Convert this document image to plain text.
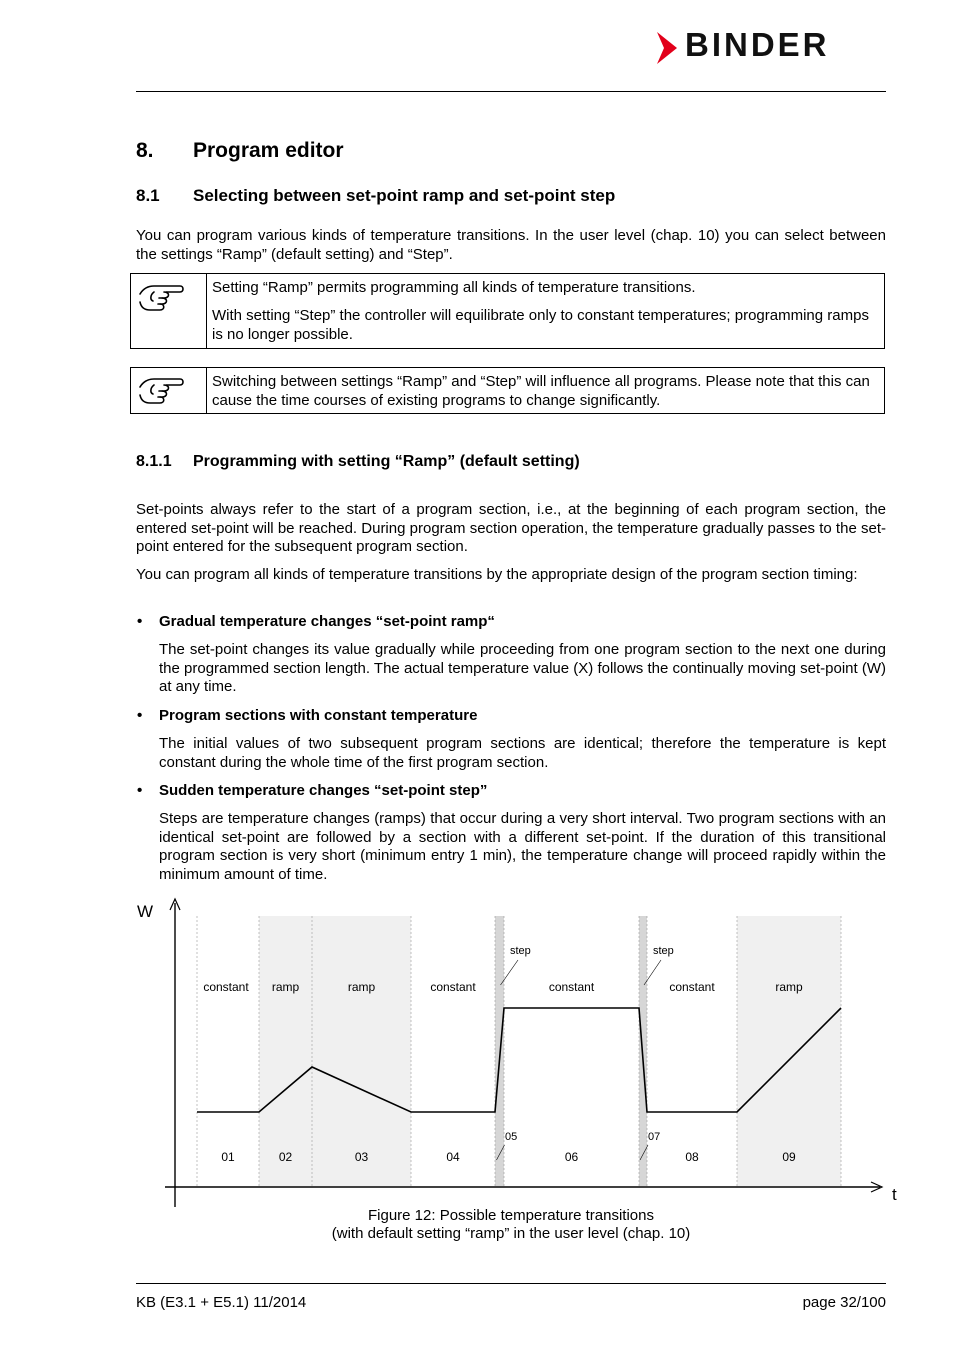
BINDER
8. Program editor
8.1 Selecting between set-point ramp and set-point step
You can program various kinds of temperature transitions. In the user level (chap. 10) you can select between the settings “Ramp” (default setting) and “Step”.
Setting “Ramp” permits programming all kinds of temperature transitions.
With setting “Step” the controller will equilibrate only to constant temperatures; programming ramps is no longer possible.
Switching between settings “Ramp” and “Step” will influence all programs. Please note that this can cause the time courses of existing programs to change significantly.
8.1.1 Programming with setting “Ramp” (default setting)
Set-points always refer to the start of a program section, i.e., at the beginning of each program section, the entered set-point will be reached. During program section operation, the temperature gradually passes to the set-point entered for the subsequent program section.
You can program all kinds of temperature transitions by the appropriate design of the program section timing:
• Gradual temperature changes “set-point ramp“
The set-point changes its value gradually while proceeding from one program section to the next one during the programmed section length. The actual temperature value (X) follows the continually moving set-point (W) at any time.
• Program sections with constant temperature
The initial values of two subsequent program sections are identical; therefore the temperature is kept constant during the whole time of the first program section.
• Sudden temperature changes “set-point step”
Steps are temperature changes (ramps) that occur during a very short interval. Two program sections with an identical set-point are followed by a section with a different set-point. If the duration of this transitional program section is very short (minimum entry 1 min), the temperature change will proceed rapidly within the minimum amount of time.
W
t
01
constant
02
ramp
03
ramp
04
constant
05
06
constant
07
08
constant
09
ramp
step	step
Figure 12: Possible temperature transitions
(with default setting “ramp” in the user level (chap. 10)
KB (E3.1 + E5.1) 11/2014	page 32/100
